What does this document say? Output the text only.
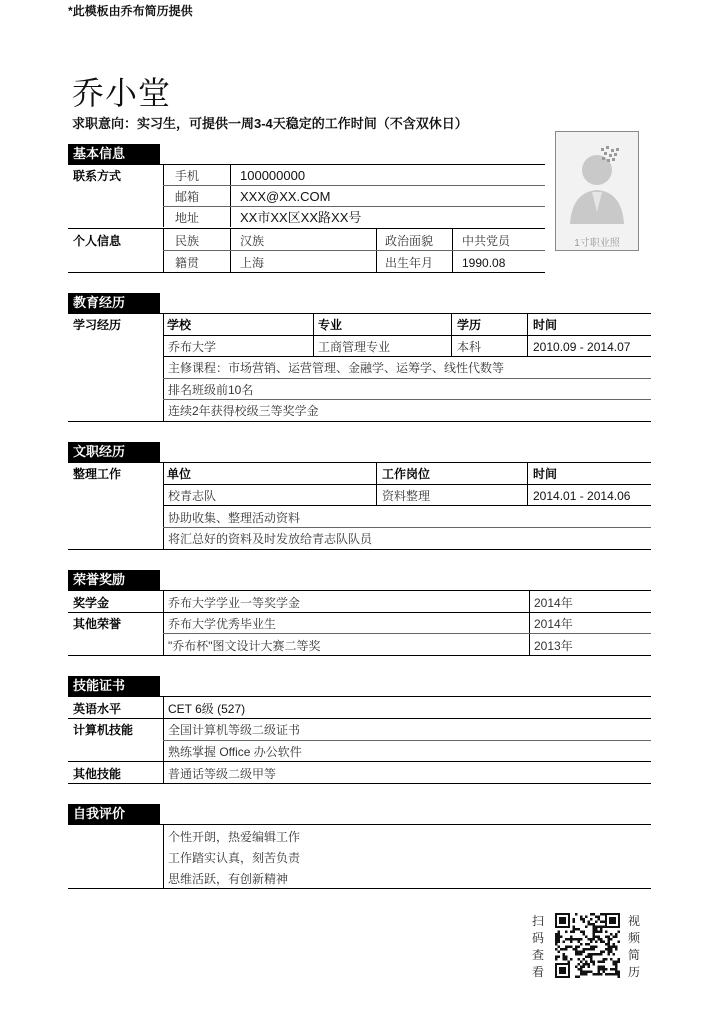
*此模板由乔布简历提供
乔小堂
求职意向：实习生，可提供一周3-4天稳定的工作时间（不含双休日）
1寸职业照
基本信息
联系方式	手机	100000000
邮箱	XXX@XX.COM
地址	XX市XX区XX路XX号
个人信息	民族	汉族	政治面貌 中共党员
籍贯	上海	出生年月 1990.08
教育经历
学习经历	学校	专业	学历	时间
乔布大学	工商管理专业	本科	2010.09 - 2014.07
主修课程：市场营销、运营管理、金融学、运筹学、线性代数等
排名班级前10名
连续2年获得校级三等奖学金
文职经历
整理工作	单位	工作岗位	时间
校青志队	资料整理	2014.01 - 2014.06
协助收集、整理活动资料
将汇总好的资料及时发放给青志队队员
荣誉奖励
奖学金	乔布大学学业一等奖学金	2014年
其他荣誉	乔布大学优秀毕业生	2014年
"乔布杯"图文设计大赛二等奖	2013年
技能证书
英语水平	CET 6级 (527)
计算机技能	全国计算机等级二级证书
熟练掌握 Office 办公软件
其他技能	普通话等级二级甲等
自我评价
个性开朗，热爱编辑工作
工作踏实认真，刻苦负责
思维活跃，有创新精神
扫码查看
视频简历
